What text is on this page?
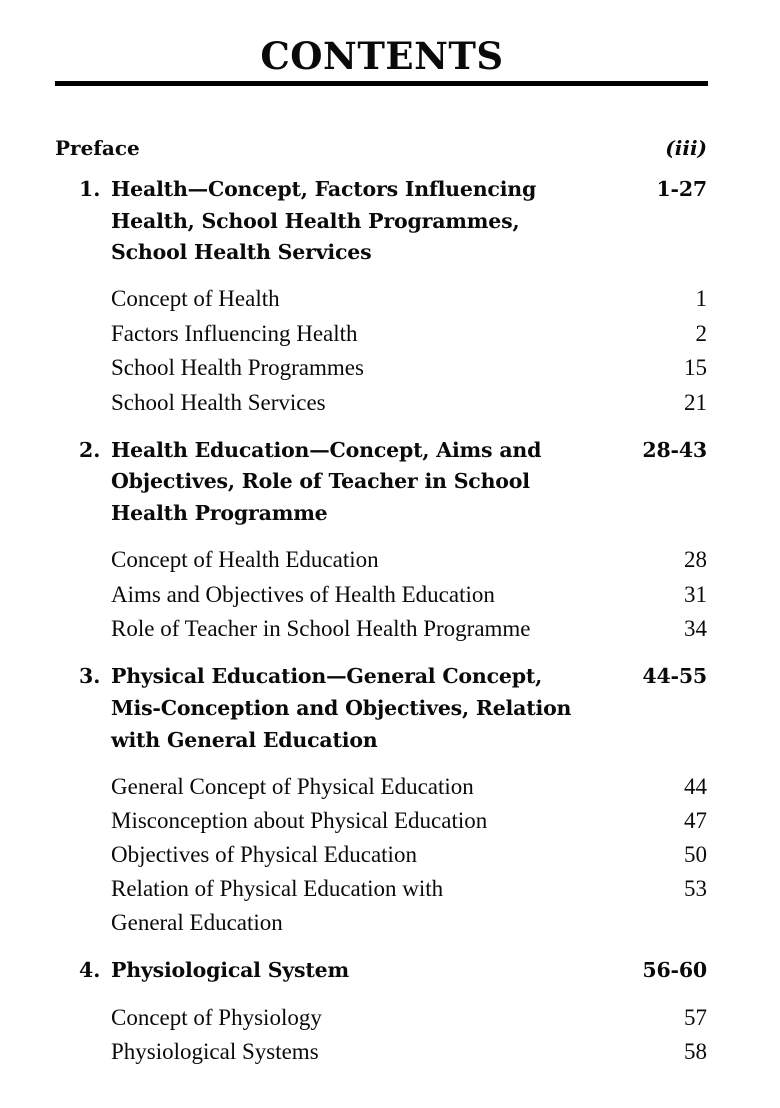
CONTENTS
Preface	(iii)
1. Health—Concept, Factors Influencing	1-27
Health, School Health Programmes,
School Health Services
Concept of Health	1
Factors Influencing Health	2
School Health Programmes	15
School Health Services	21
2. Health Education—Concept, Aims and	28-43
Objectives, Role of Teacher in School
Health Programme
Concept of Health Education	28
Aims and Objectives of Health Education	31
Role of Teacher in School Health Programme	34
3. Physical Education—General Concept,	44-55
Mis-Conception and Objectives, Relation
with General Education
General Concept of Physical Education	44
Misconception about Physical Education	47
Objectives of Physical Education	50
Relation of Physical Education with	53
General Education
4. Physiological System	56-60
Concept of Physiology	57
Physiological Systems	58
